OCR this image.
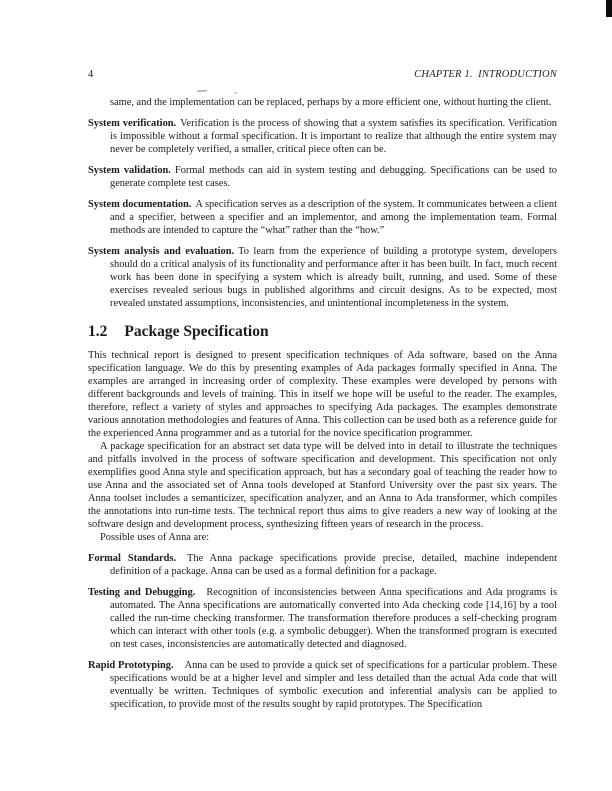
4	CHAPTER 1. INTRODUCTION

same, and the implementation can be replaced, perhaps by a more efficient one, without hurting the client.

System verification. Verification is the process of showing that a system satisfies its specification. Verification is impossible without a formal specification. It is important to realize that although the entire system may never be completely verified, a smaller, critical piece often can be.
System validation. Formal methods can aid in system testing and debugging. Specifications can be used to generate complete test cases.
System documentation. A specification serves as a description of the system. It communicates between a client and a specifier, between a specifier and an implementor, and among the implementation team. Formal methods are intended to capture the “what” rather than the “how.”
System analysis and evaluation. To learn from the experience of building a prototype system, developers should do a critical analysis of its functionality and performance after it has been built. In fact, much recent work has been done in specifying a system which is already built, running, and used. Some of these exercises revealed serious bugs in published algorithms and circuit designs. As to be expected, most revealed unstated assumptions, inconsistencies, and unintentional incompleteness in the system.
1.2 Package Specification

This technical report is designed to present specification techniques of Ada software, based on the Anna specification language. We do this by presenting examples of Ada packages formally specified in Anna. The examples are arranged in increasing order of complexity. These examples were developed by persons with different backgrounds and levels of training. This in itself we hope will be useful to the reader. The examples, therefore, reflect a variety of styles and approaches to specifying Ada packages. The examples demonstrate various annotation methodologies and features of Anna. This collection can be used both as a reference guide for the experienced Anna programmer and as a tutorial for the novice specification programmer.

A package specification for an abstract set data type will be delved into in detail to illustrate the techniques and pitfalls involved in the process of software specification and development. This specification not only exemplifies good Anna style and specification approach, but has a secondary goal of teaching the reader how to use Anna and the associated set of Anna tools developed at Stanford University over the past six years. The Anna toolset includes a semanticizer, specification analyzer, and an Anna to Ada transformer, which compiles the annotations into run-time tests. The technical report thus aims to give readers a new way of looking at the software design and development process, synthesizing fifteen years of research in the process.

Possible uses of Anna are:

Formal Standards. The Anna package specifications provide precise, detailed, machine independent definition of a package. Anna can be used as a formal definition for a package.
Testing and Debugging. Recognition of inconsistencies between Anna specifications and Ada programs is automated. The Anna specifications are automatically converted into Ada checking code [14,16] by a tool called the run-time checking transformer. The transformation therefore produces a self-checking program which can interact with other tools (e.g. a symbolic debugger). When the transformed program is executed on test cases, inconsistencies are automatically detected and diagnosed.
Rapid Prototyping. Anna can be used to provide a quick set of specifications for a particular problem. These specifications would be at a higher level and simpler and less detailed than the actual Ada code that will eventually be written. Techniques of symbolic execution and inferential analysis can be applied to specification, to provide most of the results sought by rapid prototypes. The Specification
